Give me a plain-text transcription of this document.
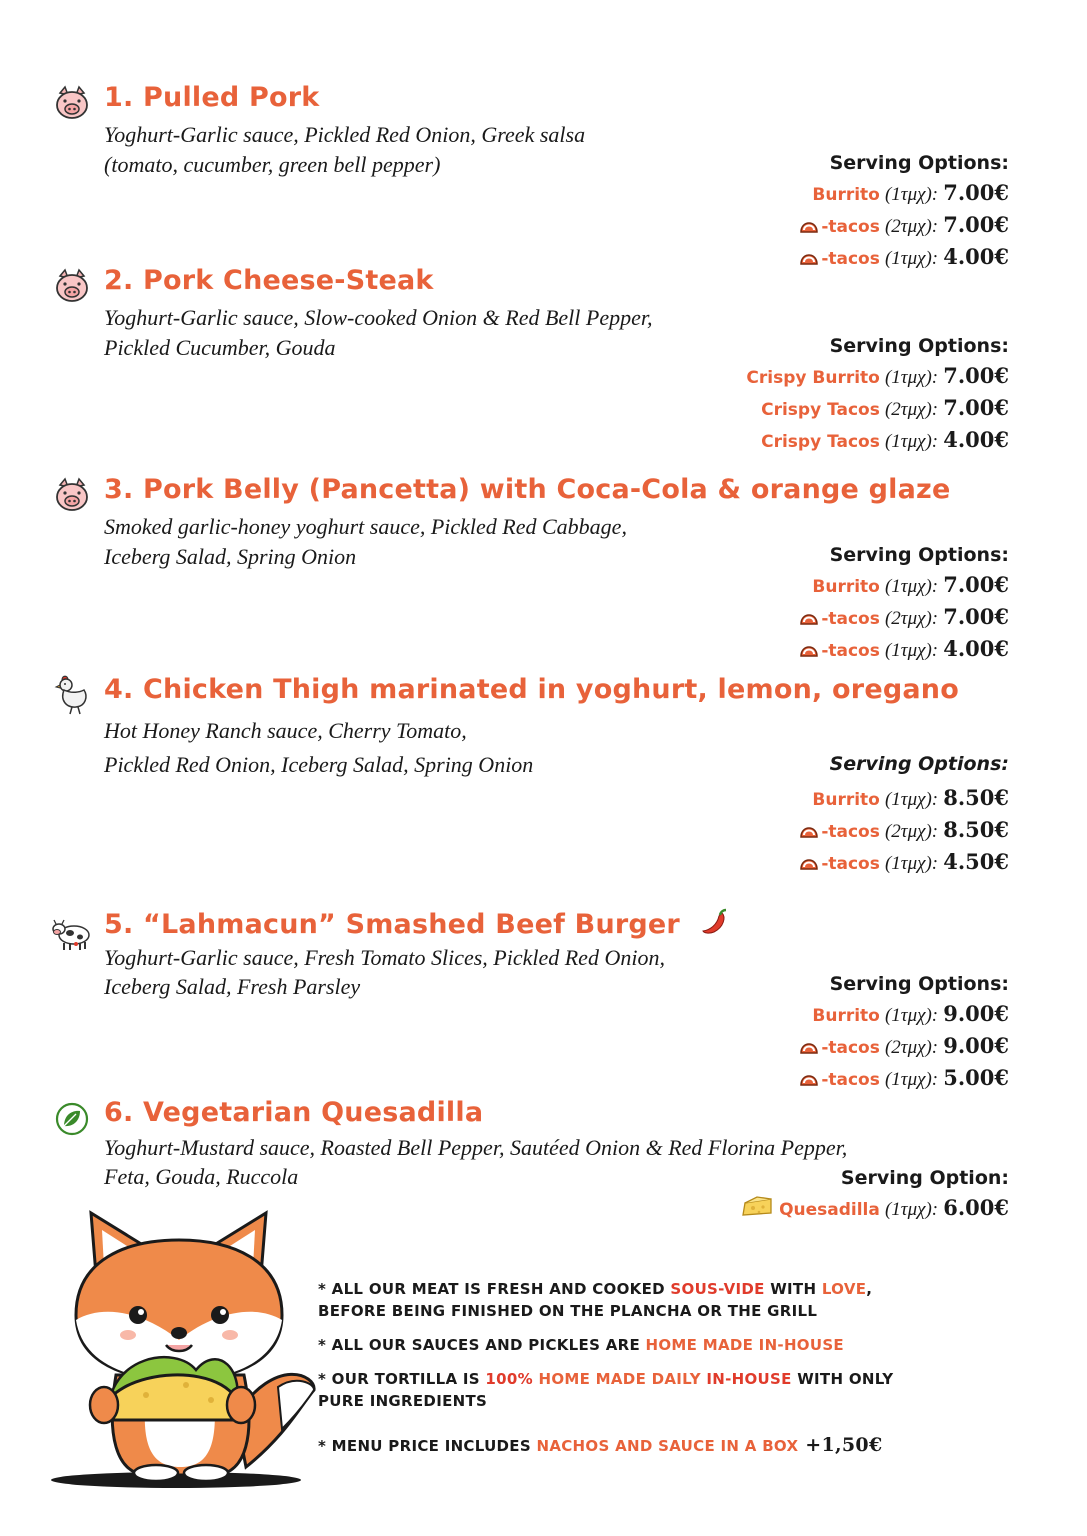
1. Pulled Pork

Yoghurt-Garlic sauce, Pickled Red Onion, Greek salsa
(tomato, cucumber, green bell pepper)	Serving Options:
Burrito (1τμχ): 7.00€
-tacos (2τμχ): 7.00€
-tacos (1τμχ): 4.00€
2. Pork Cheese-Steak

Yoghurt-Garlic sauce, Slow-cooked Onion & Red Bell Pepper,
Pickled Cucumber, Gouda	Serving Options:
Crispy Burrito (1τμχ): 7.00€
Crispy Tacos (2τμχ): 7.00€
Crispy Tacos (1τμχ): 4.00€
3. Pork Belly (Pancetta) with Coca-Cola & orange glaze

Smoked garlic-honey yoghurt sauce, Pickled Red Cabbage,
Iceberg Salad, Spring Onion	Serving Options:
Burrito (1τμχ): 7.00€
-tacos (2τμχ): 7.00€
-tacos (1τμχ): 4.00€
4. Chicken Thigh marinated in yoghurt, lemon, oregano

Hot Honey Ranch sauce, Cherry Tomato,
Pickled Red Onion, Iceberg Salad, Spring Onion	Serving Options:
Burrito (1τμχ): 8.50€
-tacos (2τμχ): 8.50€
-tacos (1τμχ): 4.50€
5. “Lahmacun” Smashed Beef Burger

Yoghurt-Garlic sauce, Fresh Tomato Slices, Pickled Red Onion,
Iceberg Salad, Fresh Parsley	Serving Options:
Burrito (1τμχ): 9.00€
-tacos (2τμχ): 9.00€
-tacos (1τμχ): 5.00€
6. Vegetarian Quesadilla

Yoghurt-Mustard sauce, Roasted Bell Pepper, Sautéed Onion & Red Florina Pepper,
Feta, Gouda, Ruccola	Serving Option:
Quesadilla (1τμχ): 6.00€

* ALL OUR MEAT IS FRESH AND COOKED SOUS-VIDE WITH LOVE,
BEFORE BEING FINISHED ON THE PLANCHA OR THE GRILL

* ALL OUR SAUCES AND PICKLES ARE HOME MADE IN-HOUSE

* OUR TORTILLA IS 100% HOME MADE DAILY IN-HOUSE WITH ONLY
PURE INGREDIENTS

* MENU PRICE INCLUDES NACHOS AND SAUCE IN A BOX +1,50€
